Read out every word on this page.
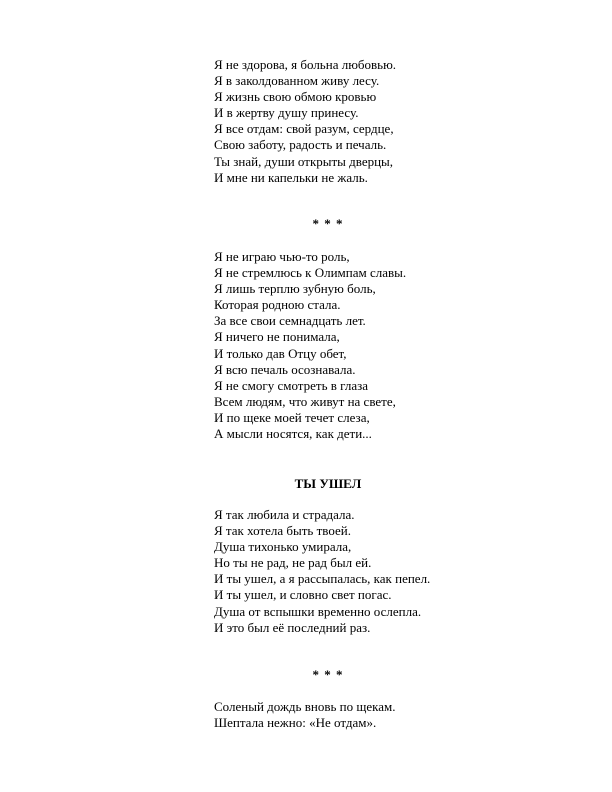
Я не здорова, я больна любовью.
Я в заколдованном живу лесу.
Я жизнь свою обмою кровью
И в жертву душу принесу.
Я все отдам: свой разум, сердце,
Свою заботу, радость и печаль.
Ты знай, души открыты дверцы,
И мне ни капельки не жаль.
* * *
Я не играю чью-то роль,
Я не стремлюсь к Олимпам славы.
Я лишь терплю зубную боль,
Которая родною стала.
За все свои семнадцать лет.
Я ничего не понимала,
И только дав Отцу обет,
Я всю печаль осознавала.
Я не смогу смотреть в глаза
Всем людям, что живут на свете,
И по щеке моей течет слеза,
А мысли носятся, как дети...
ТЫ УШЕЛ
Я так любила и страдала.
Я так хотела быть твоей.
Душа тихонько умирала,
Но ты не рад, не рад был ей.
И ты ушел, а я рассыпалась, как пепел.
И ты ушел, и словно свет погас.
Душа от вспышки временно ослепла.
И это был её последний раз.
* * *
Соленый дождь вновь по щекам.
Шептала нежно: «Не отдам».
